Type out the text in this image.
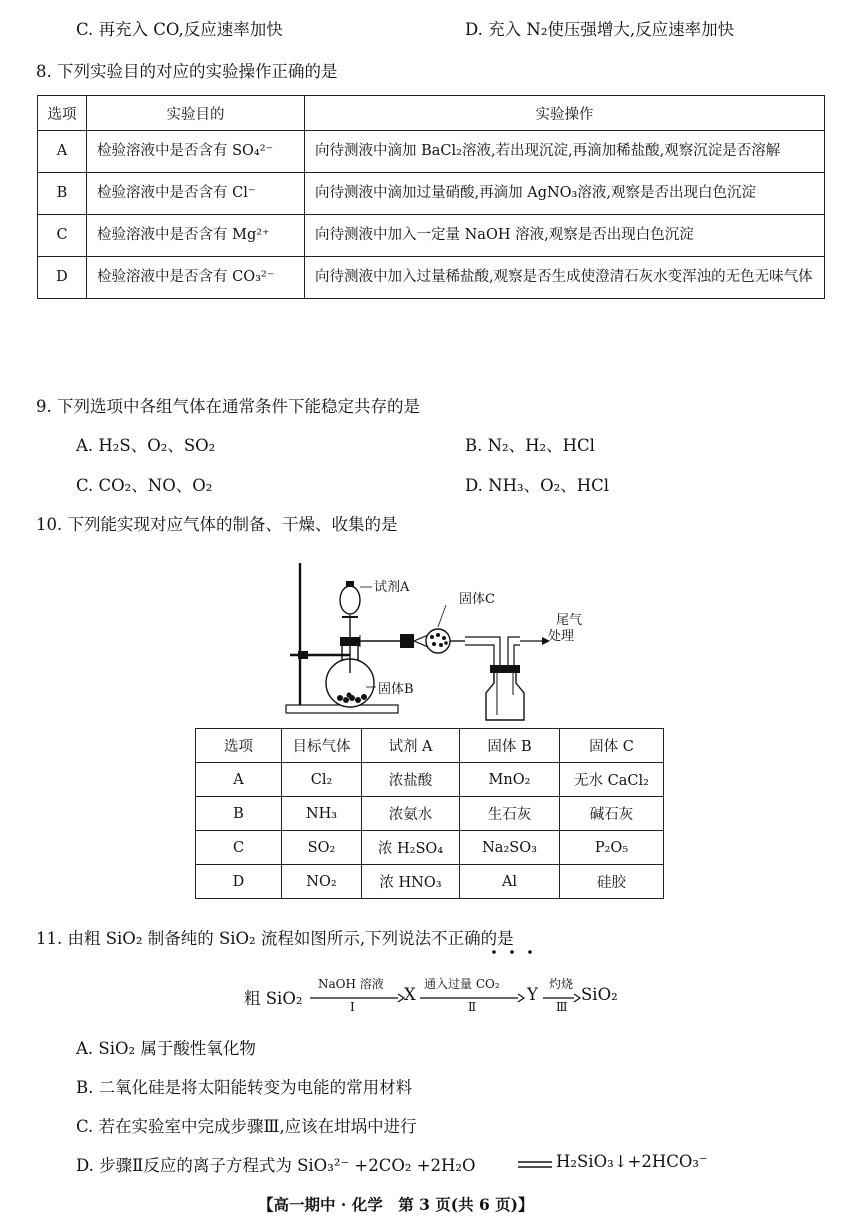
C. 再充入 CO,反应速率加快	D. 充入 N₂使压强增大,反应速率加快
8. 下列实验目的对应的实验操作正确的是
选项	实验目的	实验操作
A	检验溶液中是否含有 SO₄²⁻	向待测液中滴加 BaCl₂溶液,若出现沉淀,再滴加稀盐酸,观察沉淀是否溶解
B	检验溶液中是否含有 Cl⁻	向待测液中滴加过量硝酸,再滴加 AgNO₃溶液,观察是否出现白色沉淀
C	检验溶液中是否含有 Mg²⁺	向待测液中加入一定量 NaOH 溶液,观察是否出现白色沉淀
D	检验溶液中是否含有 CO₃²⁻	向待测液中加入过量稀盐酸,观察是否生成使澄清石灰水变浑浊的无色无味气体
9. 下列选项中各组气体在通常条件下能稳定共存的是
A. H₂S、O₂、SO₂	B. N₂、H₂、HCl
C. CO₂、NO、O₂	D. NH₃、O₂、HCl
10. 下列能实现对应气体的制备、干燥、收集的是
试剂A
固体C
尾气
处理
固体B
选项	目标气体	试剂 A	固体 B	固体 C
A	Cl₂	浓盐酸	MnO₂	无水 CaCl₂
B	NH₃	浓氨水	生石灰	碱石灰
C	SO₂	浓 H₂SO₄	Na₂SO₃	P₂O₅
D	NO₂	浓 HNO₃	Al	硅胶
11. 由粗 SiO₂ 制备纯的 SiO₂ 流程如图所示,下列说法不正确的是
粗 SiO₂
NaOH 溶液
Ⅰ
X
通入过量 CO₂
Ⅱ
Y
灼烧
Ⅲ
SiO₂
A. SiO₂ 属于酸性氧化物
B. 二氧化硅是将太阳能转变为电能的常用材料
C. 若在实验室中完成步骤Ⅲ,应该在坩埚中进行
D. 步骤Ⅱ反应的离子方程式为 SiO₃²⁻ +2CO₂ +2H₂O	H₂SiO₃↓+2HCO₃⁻
【高一期中 · 化学　第 3 页(共 6 页)】
